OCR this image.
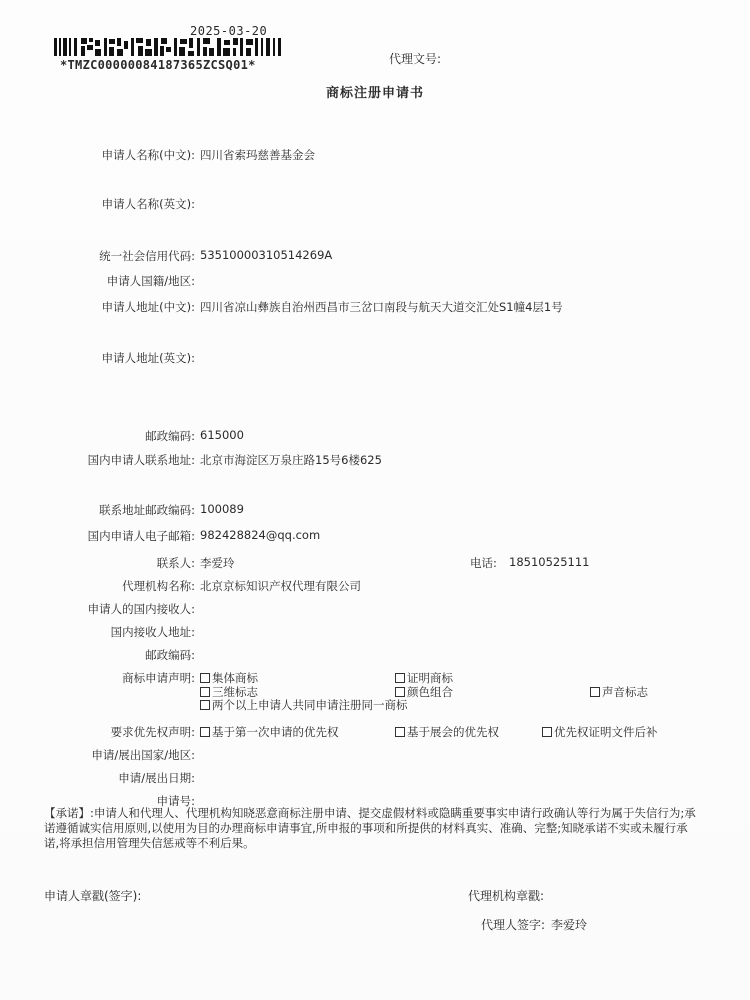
2025-03-20
*TMZC00000084187365ZCSQ01*	代理文号:
商标注册申请书
申请人名称(中文): 四川省索玛慈善基金会
申请人名称(英文):
统一社会信用代码: 53510000310514269A
申请人国籍/地区:
申请人地址(中文): 四川省凉山彝族自治州西昌市三岔口南段与航天大道交汇处S1幢4层1号
申请人地址(英文):
邮政编码: 615000
国内申请人联系地址: 北京市海淀区万泉庄路15号6楼625
联系地址邮政编码: 100089
国内申请人电子邮箱: 982428824@qq.com
联系人: 李爱玲	电话: 18510525111
代理机构名称: 北京京标知识产权代理有限公司
申请人的国内接收人:
国内接收人地址:
邮政编码:
商标申请声明:	集体商标	证明商标
三维标志	颜色组合	声音标志
两个以上申请人共同申请注册同一商标
要求优先权声明:	基于第一次申请的优先权	基于展会的优先权	优先权证明文件后补
申请/展出国家/地区:
申请/展出日期:
申请号:
【承诺】:申请人和代理人、代理机构知晓恶意商标注册申请、提交虚假材料或隐瞒重要事实申请行政确认等行为属于失信行为;承诺遵循诚实信用原则,以使用为目的办理商标申请事宜,所申报的事项和所提供的材料真实、准确、完整;知晓承诺不实或未履行承诺,将承担信用管理失信惩戒等不利后果。
申请人章戳(签字):	代理机构章戳:
代理人签字: 李爱玲
